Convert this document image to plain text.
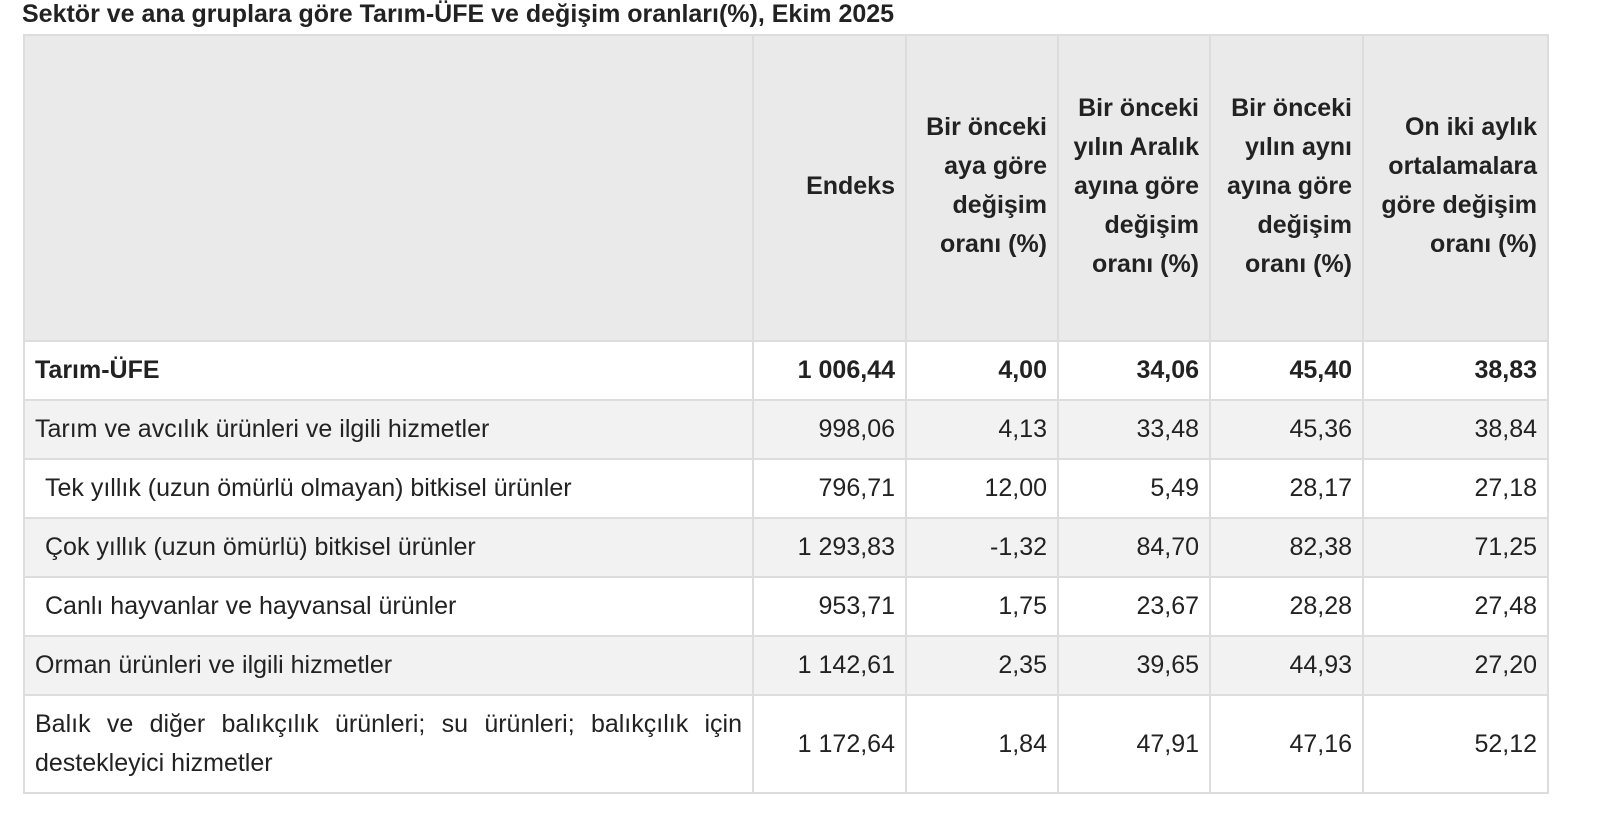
Sektör ve ana gruplara göre Tarım-ÜFE ve değişim oranları(%), Ekim 2025
	Endeks	Bir önceki aya göre değişim oranı (%)	Bir önceki yılın Aralık ayına göre değişim oranı (%)	Bir önceki yılın aynı ayına göre değişim oranı (%)	On iki aylık ortalamalara göre değişim oranı (%)
Tarım-ÜFE	1 006,44	4,00	34,06	45,40	38,83
Tarım ve avcılık ürünleri ve ilgili hizmetler	998,06	4,13	33,48	45,36	38,84
Tek yıllık (uzun ömürlü olmayan) bitkisel ürünler	796,71	12,00	5,49	28,17	27,18
Çok yıllık (uzun ömürlü) bitkisel ürünler	1 293,83	-1,32	84,70	82,38	71,25
Canlı hayvanlar ve hayvansal ürünler	953,71	1,75	23,67	28,28	27,48
Orman ürünleri ve ilgili hizmetler	1 142,61	2,35	39,65	44,93	27,20
Balık ve diğer balıkçılık ürünleri; su ürünleri; balıkçılık için destekleyici hizmetler	1 172,64	1,84	47,91	47,16	52,12
